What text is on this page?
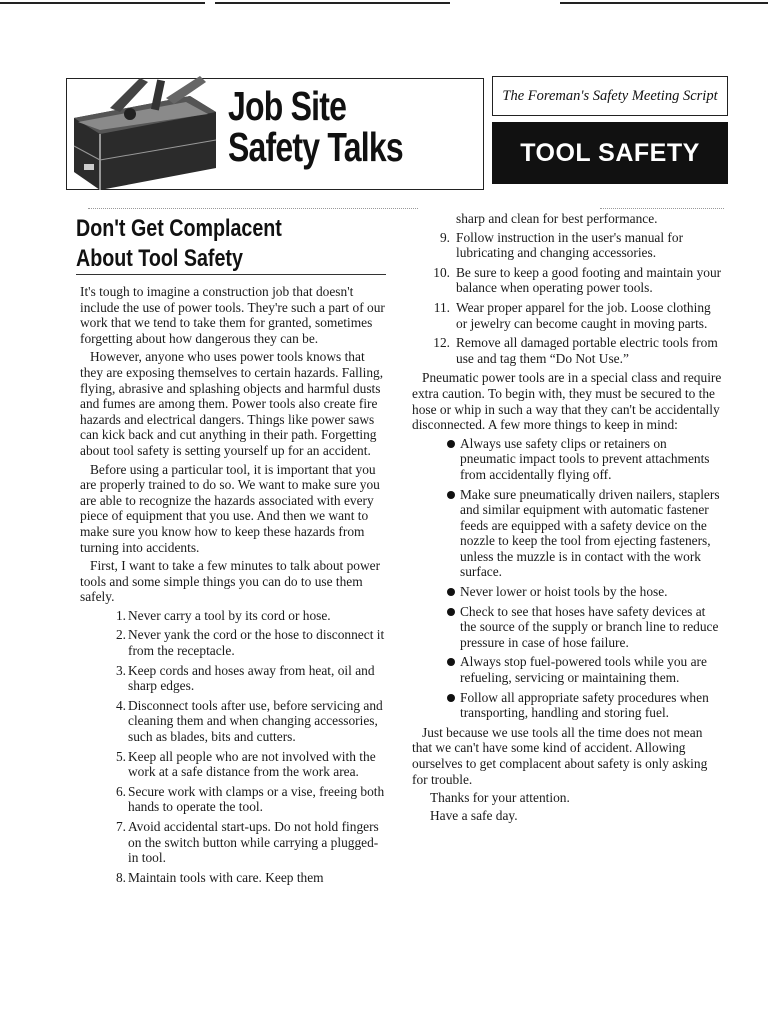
Job Site
Safety Talks
The Foreman's Safety Meeting Script
TOOL SAFETY
Don't Get Complacent
About Tool Safety

It's tough to imagine a construction job that doesn't include the use of power tools. They're such a part of our work that we tend to take them for granted, sometimes forgetting about how dangerous they can be.

However, anyone who uses power tools knows that they are exposing themselves to certain hazards. Falling, flying, abrasive and splashing objects and harmful dusts and fumes are among them. Power tools also create fire hazards and electrical dangers. Things like power saws can kick back and cut anything in their path. Forgetting about tool safety is setting yourself up for an accident.

Before using a particular tool, it is important that you are properly trained to do so. We want to make sure you are able to recognize the hazards associated with every piece of equipment that you use. And then we want to make sure you know how to keep these hazards from turning into accidents.

First, I want to take a few minutes to talk about power tools and some simple things you can do to use them safely.

1. Never carry a tool by its cord or hose.
2. Never yank the cord or the hose to disconnect it from the receptacle.
3. Keep cords and hoses away from heat, oil and sharp edges.
4. Disconnect tools after use, before servicing and cleaning them and when changing accessories, such as blades, bits and cutters.
5. Keep all people who are not involved with the work at a safe distance from the work area.
6. Secure work with clamps or a vise, freeing both hands to operate the tool.
7. Avoid accidental start-ups. Do not hold fingers on the switch button while carrying a plugged-in tool.
8. Maintain tools with care. Keep them

sharp and clean for best performance.

9. Follow instruction in the user's manual for lubricating and changing accessories.
10. Be sure to keep a good footing and maintain your balance when operating power tools.
11. Wear proper apparel for the job. Loose clothing or jewelry can become caught in moving parts.
12. Remove all damaged portable electric tools from use and tag them “Do Not Use.”

Pneumatic power tools are in a special class and require extra caution. To begin with, they must be secured to the hose or whip in such a way that they can't be accidentally disconnected. A few more things to keep in mind:

Always use safety clips or retainers on pneumatic impact tools to prevent attachments from accidentally flying off.
Make sure pneumatically driven nailers, staplers and similar equipment with automatic fastener feeds are equipped with a safety device on the nozzle to keep the tool from ejecting fasteners, unless the muzzle is in contact with the work surface.
Never lower or hoist tools by the hose.
Check to see that hoses have safety devices at the source of the supply or branch line to reduce pressure in case of hose failure.
Always stop fuel-powered tools while you are refueling, servicing or maintaining them.
Follow all appropriate safety procedures when transporting, handling and storing fuel.

Just because we use tools all the time does not mean that we can't have some kind of accident. Allowing ourselves to get complacent about safety is only asking for trouble.

Thanks for your attention.

Have a safe day.
